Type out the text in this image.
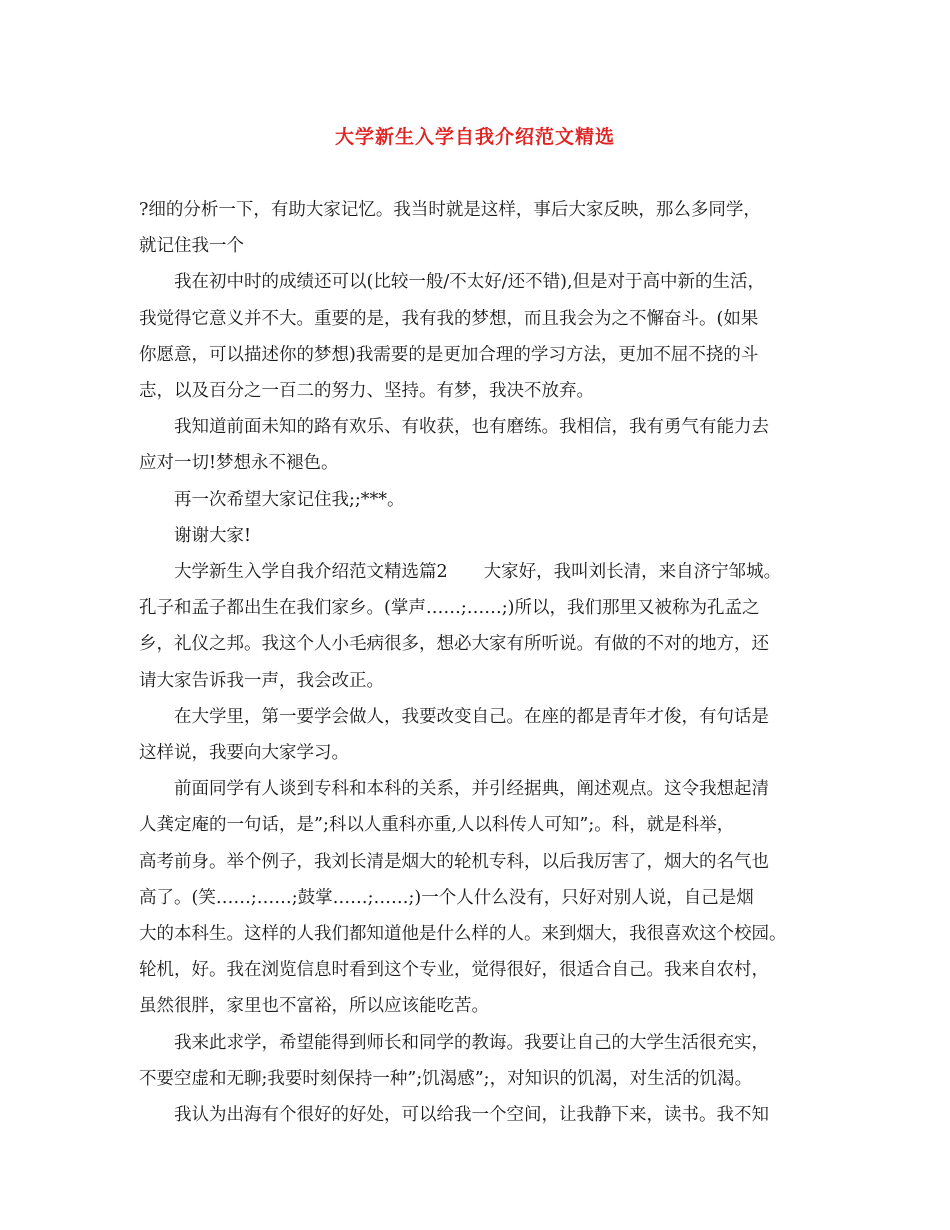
大学新生入学自我介绍范文精选

?细的分析一下，有助大家记忆。我当时就是这样，事后大家反映，那么多同学，
就记住我一个

我在初中时的成绩还可以(比较一般/不太好/还不错),但是对于高中新的生活，
我觉得它意义并不大。重要的是，我有我的梦想，而且我会为之不懈奋斗。(如果
你愿意，可以描述你的梦想)我需要的是更加合理的学习方法，更加不屈不挠的斗
志，以及百分之一百二的努力、坚持。有梦，我决不放弃。

我知道前面未知的路有欢乐、有收获，也有磨练。我相信，我有勇气有能力去
应对一切!梦想永不褪色。

再一次希望大家记住我;;***。

谢谢大家!

大学新生入学自我介绍范文精选篇2 大家好，我叫刘长清，来自济宁邹城。
孔子和孟子都出生在我们家乡。(掌声……;……;)所以，我们那里又被称为孔孟之
乡，礼仪之邦。我这个人小毛病很多，想必大家有所听说。有做的不对的地方，还
请大家告诉我一声，我会改正。

在大学里，第一要学会做人，我要改变自己。在座的都是青年才俊，有句话是
这样说，我要向大家学习。

前面同学有人谈到专科和本科的关系，并引经据典，阐述观点。这令我想起清
人龚定庵的一句话，是”;科以人重科亦重,人以科传人可知”;。科，就是科举，
高考前身。举个例子，我刘长清是烟大的轮机专科，以后我厉害了，烟大的名气也
高了。(笑……;……;鼓掌……;……;)一个人什么没有，只好对别人说，自己是烟
大的本科生。这样的人我们都知道他是什么样的人。来到烟大，我很喜欢这个校园。
轮机，好。我在浏览信息时看到这个专业，觉得很好，很适合自己。我来自农村，
虽然很胖，家里也不富裕，所以应该能吃苦。

我来此求学，希望能得到师长和同学的教诲。我要让自己的大学生活很充实，
不要空虚和无聊;我要时刻保持一种”;饥渴感”;，对知识的饥渴，对生活的饥渴。

我认为出海有个很好的好处，可以给我一个空间，让我静下来，读书。我不知
